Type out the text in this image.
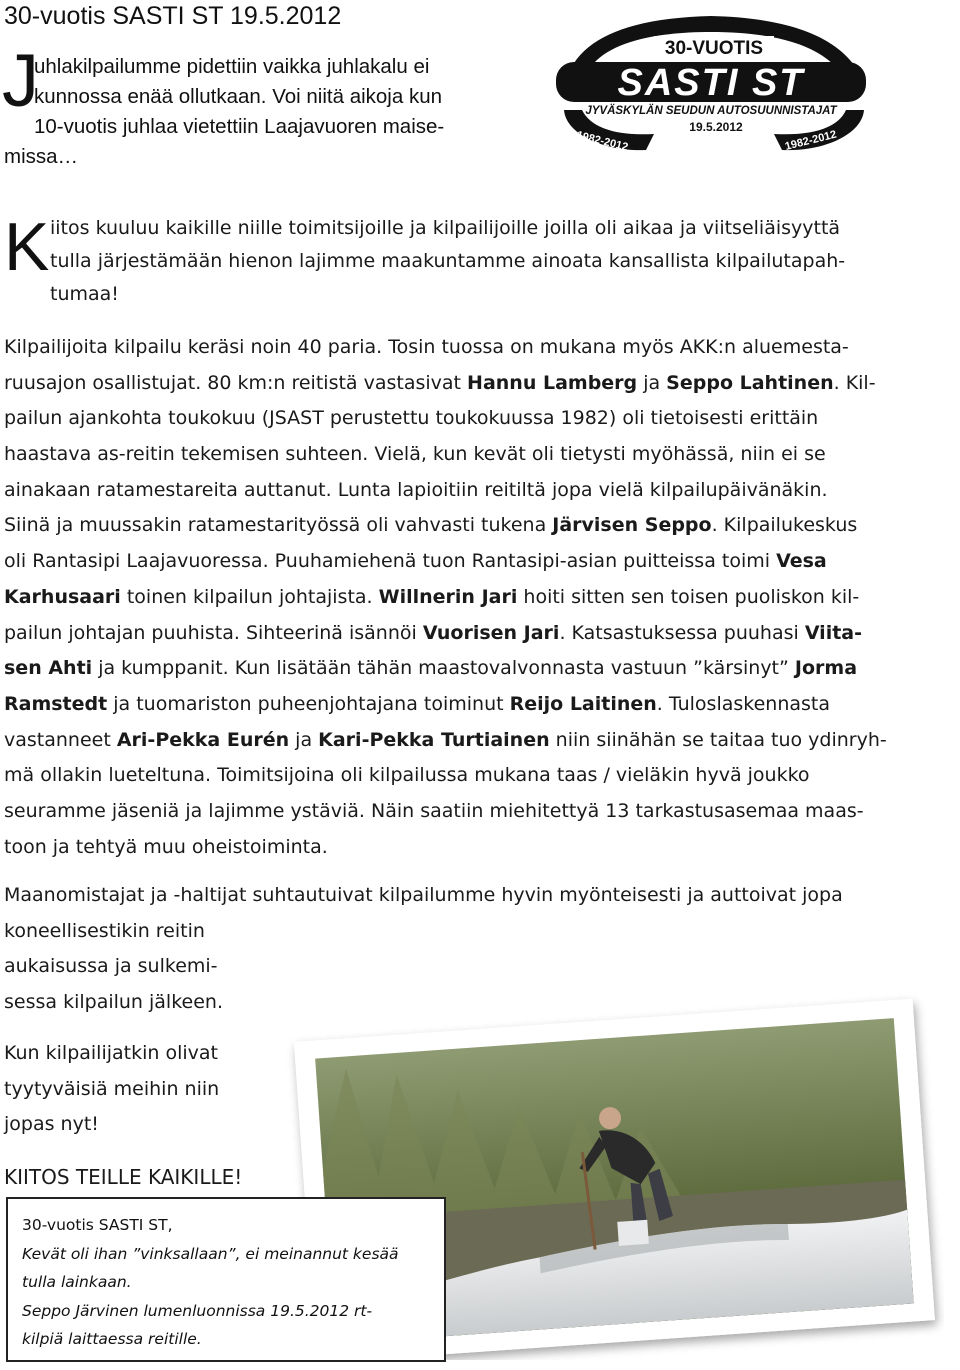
30-vuotis SASTI ST 19.5.2012
J
uhlakilpailumme pidettiin vaikka juhlakalu ei
kunnossa enää ollutkaan. Voi niitä aikoja kun
10-vuotis juhlaa vietettiin Laajavuoren maise-
missa…
30-VUOTIS
SASTI ST
JYVÄSKYLÄN SEUDUN AUTOSUUNNISTAJAT
19.5.2012
1982-2012	1982-2012
K iitos kuuluu kaikille niille toimitsijoille ja kilpailijoille joilla oli aikaa ja viitseliäisyyttä
tulla järjestämään hienon lajimme maakuntamme ainoata kansallista kilpailutapah-
tumaa!
Kilpailijoita kilpailu keräsi noin 40 paria. Tosin tuossa on mukana myös AKK:n aluemesta-
ruusajon osallistujat. 80 km:n reitistä vastasivat Hannu Lamberg ja Seppo Lahtinen. Kil-
pailun ajankohta toukokuu (JSAST perustettu toukokuussa 1982) oli tietoisesti erittäin
haastava as-reitin tekemisen suhteen. Vielä, kun kevät oli tietysti myöhässä, niin ei se
ainakaan ratamestareita auttanut. Lunta lapioitiin reitiltä jopa vielä kilpailupäivänäkin.
Siinä ja muussakin ratamestarityössä oli vahvasti tukena Järvisen Seppo. Kilpailukeskus
oli Rantasipi Laajavuoressa. Puuhamiehenä tuon Rantasipi-asian puitteissa toimi Vesa
Karhusaari toinen kilpailun johtajista. Willnerin Jari hoiti sitten sen toisen puoliskon kil-
pailun johtajan puuhista. Sihteerinä isännöi Vuorisen Jari. Katsastuksessa puuhasi Viita-
sen Ahti ja kumppanit. Kun lisätään tähän maastovalvonnasta vastuun ”kärsinyt” Jorma
Ramstedt ja tuomariston puheenjohtajana toiminut Reijo Laitinen. Tuloslaskennasta
vastanneet Ari-Pekka Eurén ja Kari-Pekka Turtiainen niin siinähän se taitaa tuo ydinryh-
mä ollakin lueteltuna. Toimitsijoina oli kilpailussa mukana taas / vieläkin hyvä joukko
seuramme jäseniä ja lajimme ystäviä. Näin saatiin miehitettyä 13 tarkastusasemaa maas-
toon ja tehtyä muu oheistoiminta.
Maanomistajat ja -haltijat suhtautuivat kilpailumme hyvin myönteisesti ja auttoivat jopa
koneellisestikin reitin
aukaisussa ja sulkemi-
sessa kilpailun jälkeen.
Kun kilpailijatkin olivat
tyytyväisiä meihin niin
jopas nyt!
KIITOS TEILLE KAIKILLE!
30-vuotis SASTI ST,
Kevät oli ihan ”vinksallaan”, ei meinannut kesää
tulla lainkaan.
Seppo Järvinen lumenluonnissa 19.5.2012 rt-
kilpiä laittaessa reitille.
